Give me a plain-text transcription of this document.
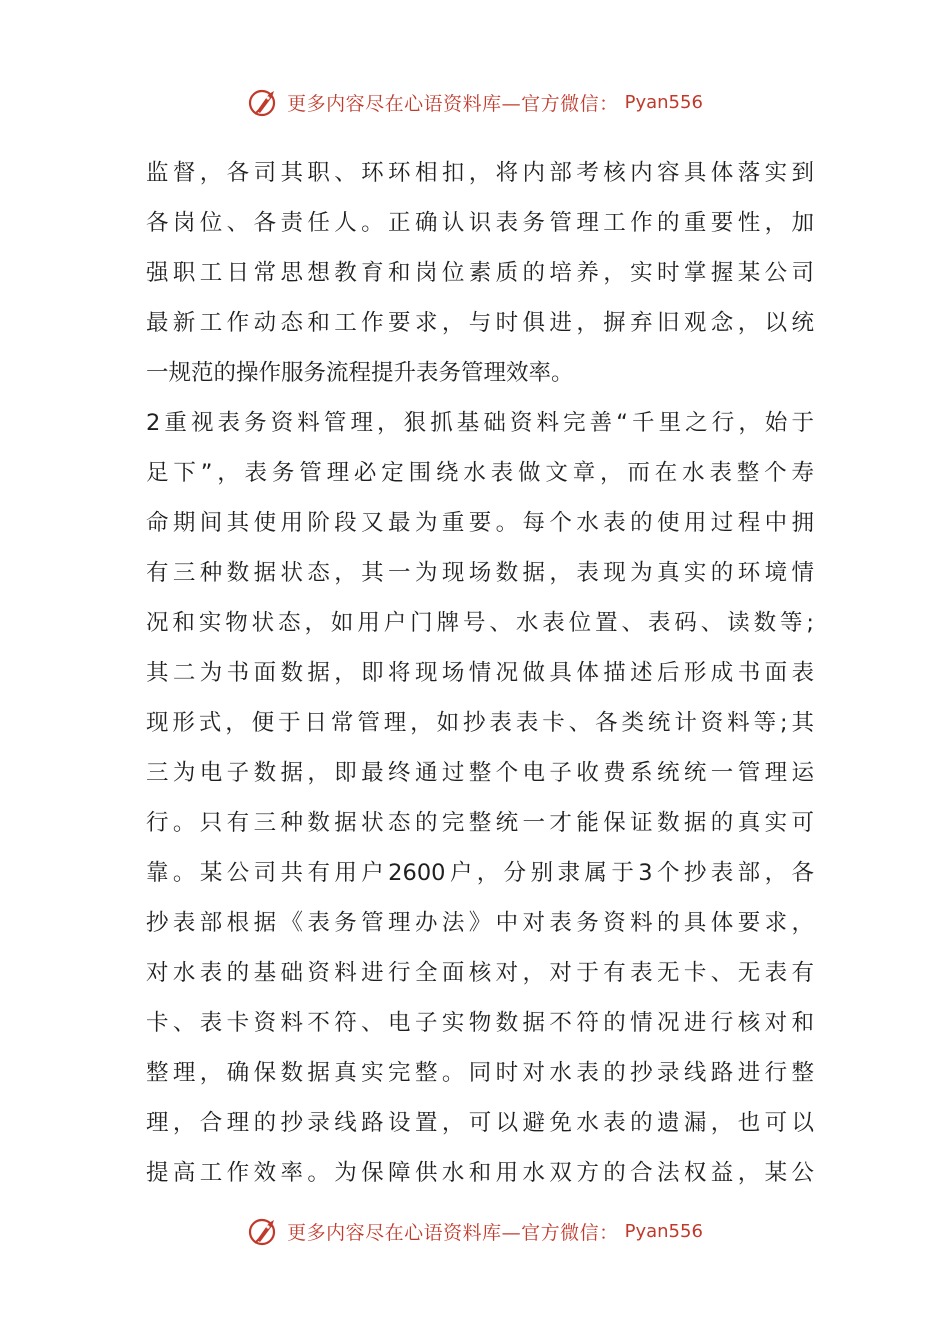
更多内容尽在心语资料库—官方微信： Pyan556
监督，各司其职、环环相扣，将内部考核内容具体落实到
各岗位、各责任人。正确认识表务管理工作的重要性，加
强职工日常思想教育和岗位素质的培养，实时掌握某公司
最新工作动态和工作要求，与时俱进，摒弃旧观念，以统
一规范的操作服务流程提升表务管理效率。
2重视表务资料管理，狠抓基础资料完善“千里之行，始于
足下”，表务管理必定围绕水表做文章，而在水表整个寿
命期间其使用阶段又最为重要。每个水表的使用过程中拥
有三种数据状态，其一为现场数据，表现为真实的环境情
况和实物状态，如用户门牌号、水表位置、表码、读数等;
其二为书面数据，即将现场情况做具体描述后形成书面表
现形式，便于日常管理，如抄表表卡、各类统计资料等;其
三为电子数据，即最终通过整个电子收费系统统一管理运
行。只有三种数据状态的完整统一才能保证数据的真实可
靠。某公司共有用户2600户，分别隶属于3个抄表部，各
抄表部根据《表务管理办法》中对表务资料的具体要求，
对水表的基础资料进行全面核对，对于有表无卡、无表有
卡、表卡资料不符、电子实物数据不符的情况进行核对和
整理，确保数据真实完整。同时对水表的抄录线路进行整
理，合理的抄录线路设置，可以避免水表的遗漏，也可以
提高工作效率。为保障供水和用水双方的合法权益，某公
更多内容尽在心语资料库—官方微信： Pyan556
